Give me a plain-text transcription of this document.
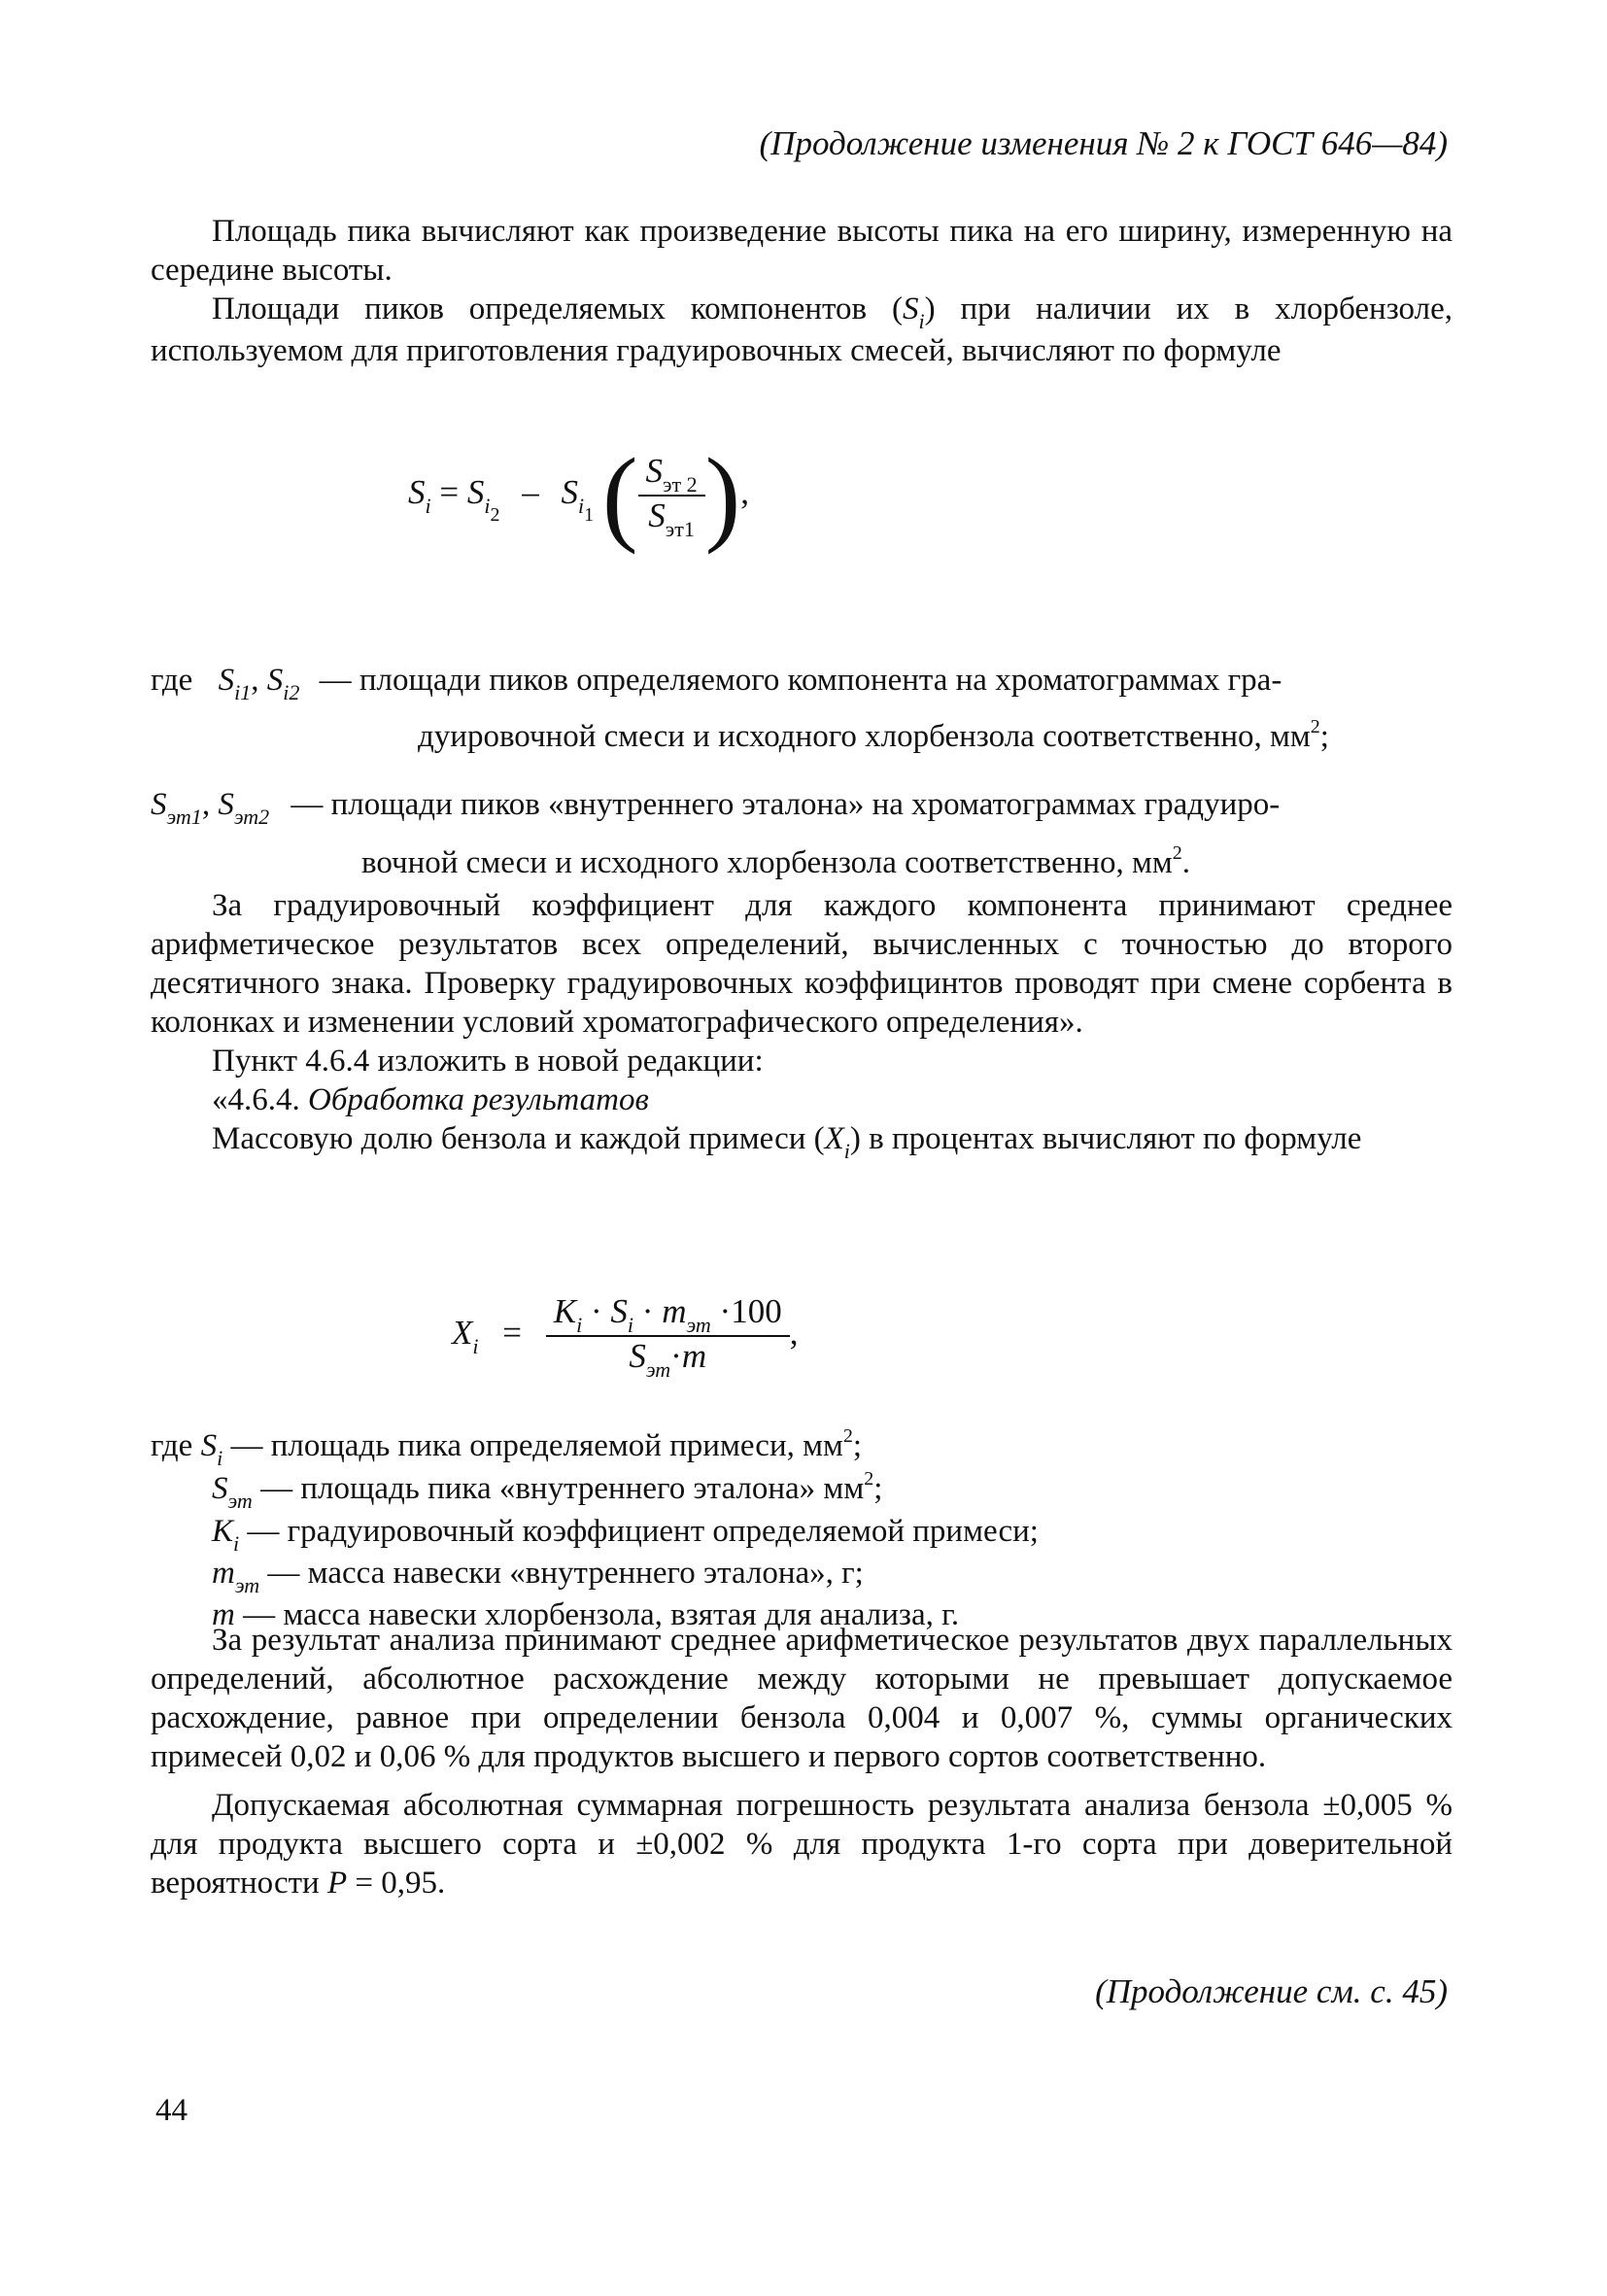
(Продолжение изменения № 2 к ГОСТ 646—84)

Площадь пика вычисляют как произведение высоты пика на его ширину, измеренную на середине высоты.

Площади пиков определяемых компонентов $(S_i)$ при наличии их в хлорбензоле, используемом для приготовления градуировочных смесей, вычисляют по формуле

$S_i = S_{i2} - S_{i1}$ ( $\frac{S_{эт 2}}{S_{эт1}}$ ),
где $S_{i1}$, $S_{i2}$ — площади пиков определяемого компонента на хроматограммах гра-
дуировочной смеси и исходного хлорбензола соответственно, $мм^2$;
$S_{эт1}$, $S_{эт2}$ — площади пиков «внутреннего эталона» на хроматограммах градуиро-
вочной смеси и исходного хлорбензола соответственно, $мм^2$.

За градуировочный коэффициент для каждого компонента принимают среднее арифметическое результатов всех определений, вычисленных с точностью до второго десятичного знака. Проверку градуировочных коэффицинтов проводят при смене сорбента в колонках и изменении условий хроматографического определения».

Пункт 4.6.4 изложить в новой редакции:

«4.6.4. Обработка результатов

Массовую долю бензола и каждой примеси $(X_i)$ в процентах вычисляют по формуле

$X_i = \frac{K_i \cdot S_i \cdot m_{эт} \cdot 100}{S_{эт}\cdot m}$ ,
где $S_i$ — площадь пика определяемой примеси, $мм^2$;
$S_{эт}$ — площадь пика «внутреннего эталона» $мм^2$;
$K_i$ — градуировочный коэффициент определяемой примеси;
$m_{эт}$ — масса навески «внутреннего эталона», г;
m — масса навески хлорбензола, взятая для анализа, г.

За результат анализа принимают среднее арифметическое результатов двух параллельных определений, абсолютное расхождение между которыми не превышает допускаемое расхождение, равное при определении бензола 0,004 и 0,007 %, суммы органических примесей 0,02 и 0,06 % для продуктов высшего и первого сортов соответственно.

Допускаемая абсолютная суммарная погрешность результата анализа бензола ±0,005 % для продукта высшего сорта и ±0,002 % для продукта 1-го сорта при доверительной вероятности P = 0,95.

(Продолжение см. с. 45)
44
